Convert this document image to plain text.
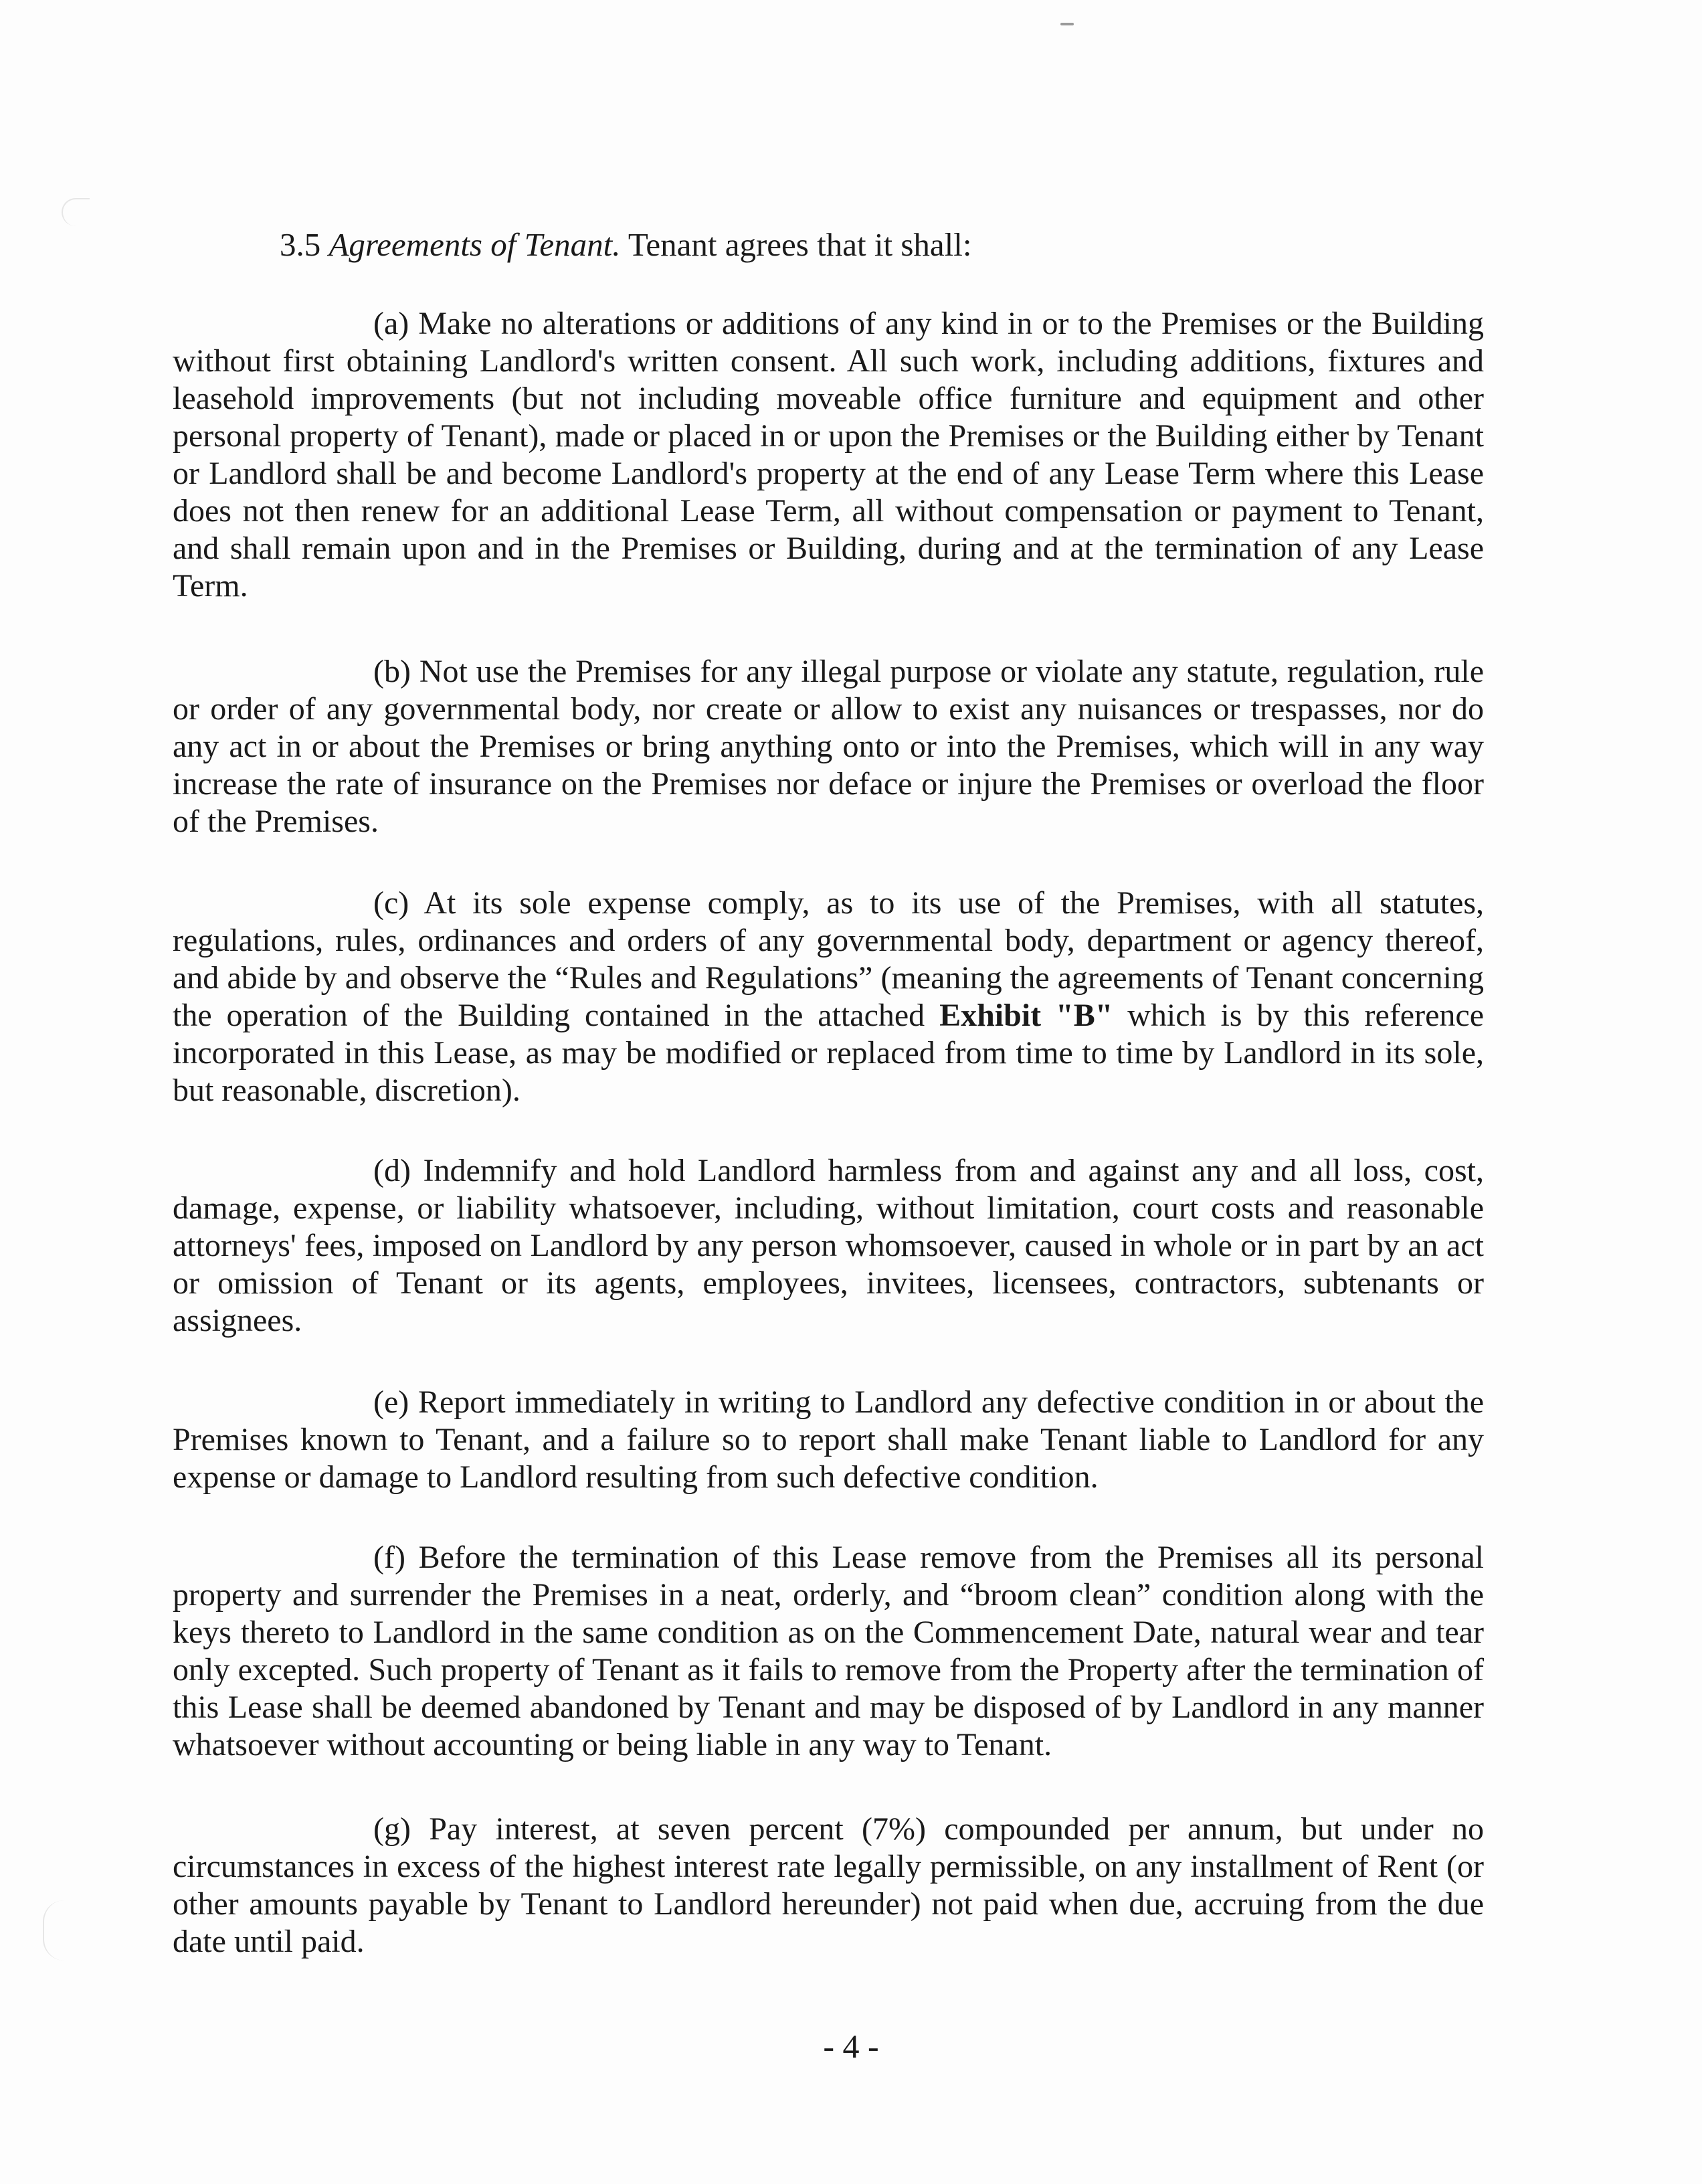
3.5 Agreements of Tenant. Tenant agrees that it shall:

(a) Make no alterations or additions of any kind in or to the Premises or the Building without first obtaining Landlord's written consent. All such work, including additions, fixtures and leasehold improvements (but not including moveable office furniture and equipment and other personal property of Tenant), made or placed in or upon the Premises or the Building either by Tenant or Landlord shall be and become Landlord's property at the end of any Lease Term where this Lease does not then renew for an additional Lease Term, all without compensation or payment to Tenant, and shall remain upon and in the Premises or Building, during and at the termination of any Lease Term.

(b) Not use the Premises for any illegal purpose or violate any statute, regulation, rule or order of any governmental body, nor create or allow to exist any nuisances or trespasses, nor do any act in or about the Premises or bring anything onto or into the Premises, which will in any way increase the rate of insurance on the Premises nor deface or injure the Premises or overload the floor of the Premises.

(c) At its sole expense comply, as to its use of the Premises, with all statutes, regulations, rules, ordinances and orders of any governmental body, department or agency thereof, and abide by and observe the “Rules and Regulations” (meaning the agreements of Tenant concerning the operation of the Building contained in the attached Exhibit "B" which is by this reference incorporated in this Lease, as may be modified or replaced from time to time by Landlord in its sole, but reasonable, discretion).

(d) Indemnify and hold Landlord harmless from and against any and all loss, cost, damage, expense, or liability whatsoever, including, without limitation, court costs and reasonable attorneys' fees, imposed on Landlord by any person whomsoever, caused in whole or in part by an act or omission of Tenant or its agents, employees, invitees, licensees, contractors, subtenants or assignees.

(e) Report immediately in writing to Landlord any defective condition in or about the Premises known to Tenant, and a failure so to report shall make Tenant liable to Landlord for any expense or damage to Landlord resulting from such defective condition.

(f) Before the termination of this Lease remove from the Premises all its personal property and surrender the Premises in a neat, orderly, and “broom clean” condition along with the keys thereto to Landlord in the same condition as on the Commencement Date, natural wear and tear only excepted. Such property of Tenant as it fails to remove from the Property after the termination of this Lease shall be deemed abandoned by Tenant and may be disposed of by Landlord in any manner whatsoever without accounting or being liable in any way to Tenant.

(g) Pay interest, at seven percent (7%) compounded per annum, but under no circumstances in excess of the highest interest rate legally permissible, on any installment of Rent (or other amounts payable by Tenant to Landlord hereunder) not paid when due, accruing from the due date until paid.

- 4 -
